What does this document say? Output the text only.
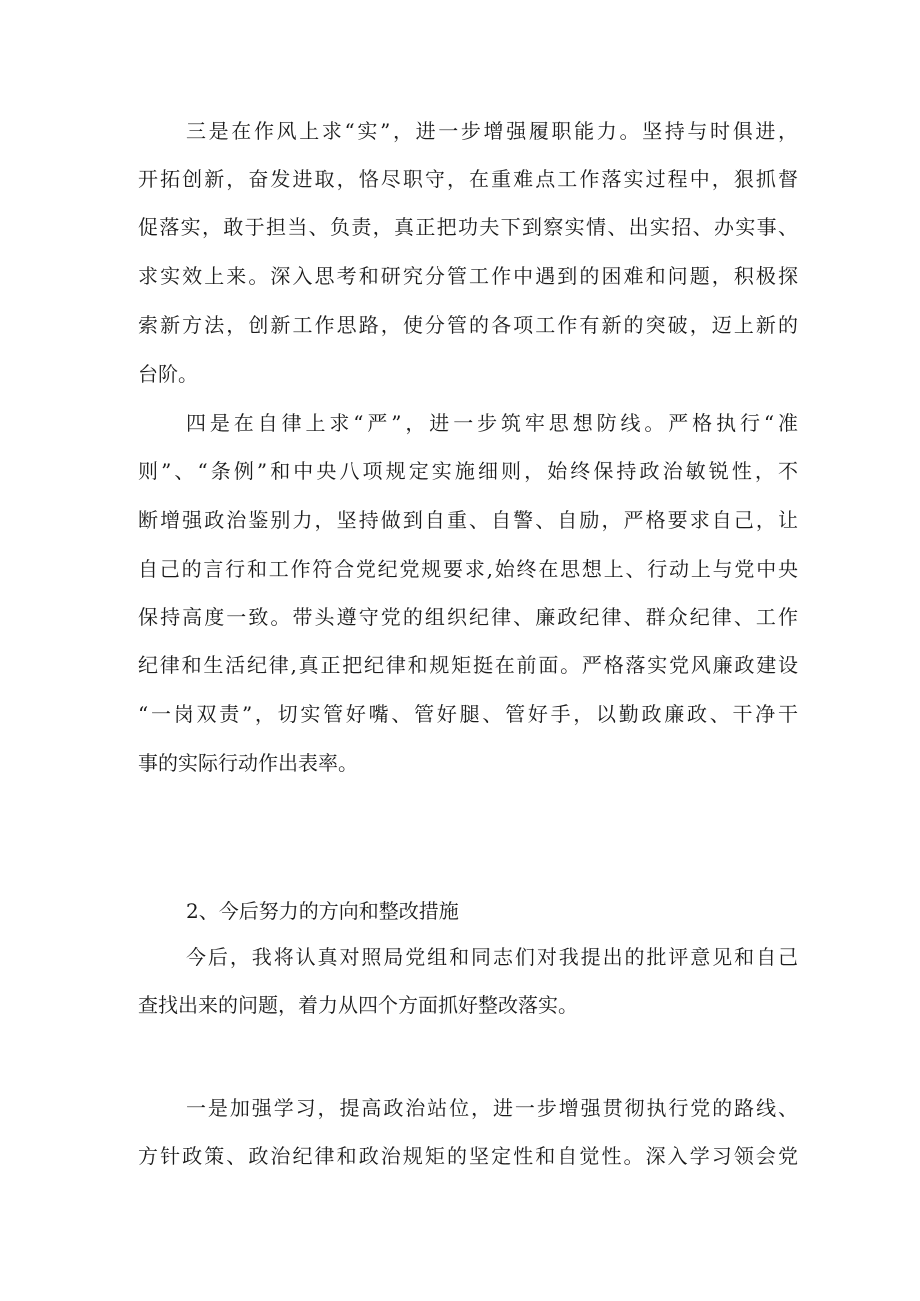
三是在作风上求“实”，进一步增强履职能力。坚持与时俱进，
开拓创新，奋发进取，恪尽职守，在重难点工作落实过程中，狠抓督
促落实，敢于担当、负责，真正把功夫下到察实情、出实招、办实事、
求实效上来。深入思考和研究分管工作中遇到的困难和问题，积极探
索新方法，创新工作思路，使分管的各项工作有新的突破，迈上新的
台阶。
四是在自律上求“严”，进一步筑牢思想防线。严格执行“准
则”、“条例”和中央八项规定实施细则，始终保持政治敏锐性，不
断增强政治鉴别力，坚持做到自重、自警、自励，严格要求自己，让
自己的言行和工作符合党纪党规要求,始终在思想上、行动上与党中央
保持高度一致。带头遵守党的组织纪律、廉政纪律、群众纪律、工作
纪律和生活纪律,真正把纪律和规矩挺在前面。严格落实党风廉政建设
“一岗双责”，切实管好嘴、管好腿、管好手，以勤政廉政、干净干
事的实际行动作出表率。
2、今后努力的方向和整改措施
今后，我将认真对照局党组和同志们对我提出的批评意见和自己
查找出来的问题，着力从四个方面抓好整改落实。
一是加强学习，提高政治站位，进一步增强贯彻执行党的路线、
方针政策、政治纪律和政治规矩的坚定性和自觉性。深入学习领会党
